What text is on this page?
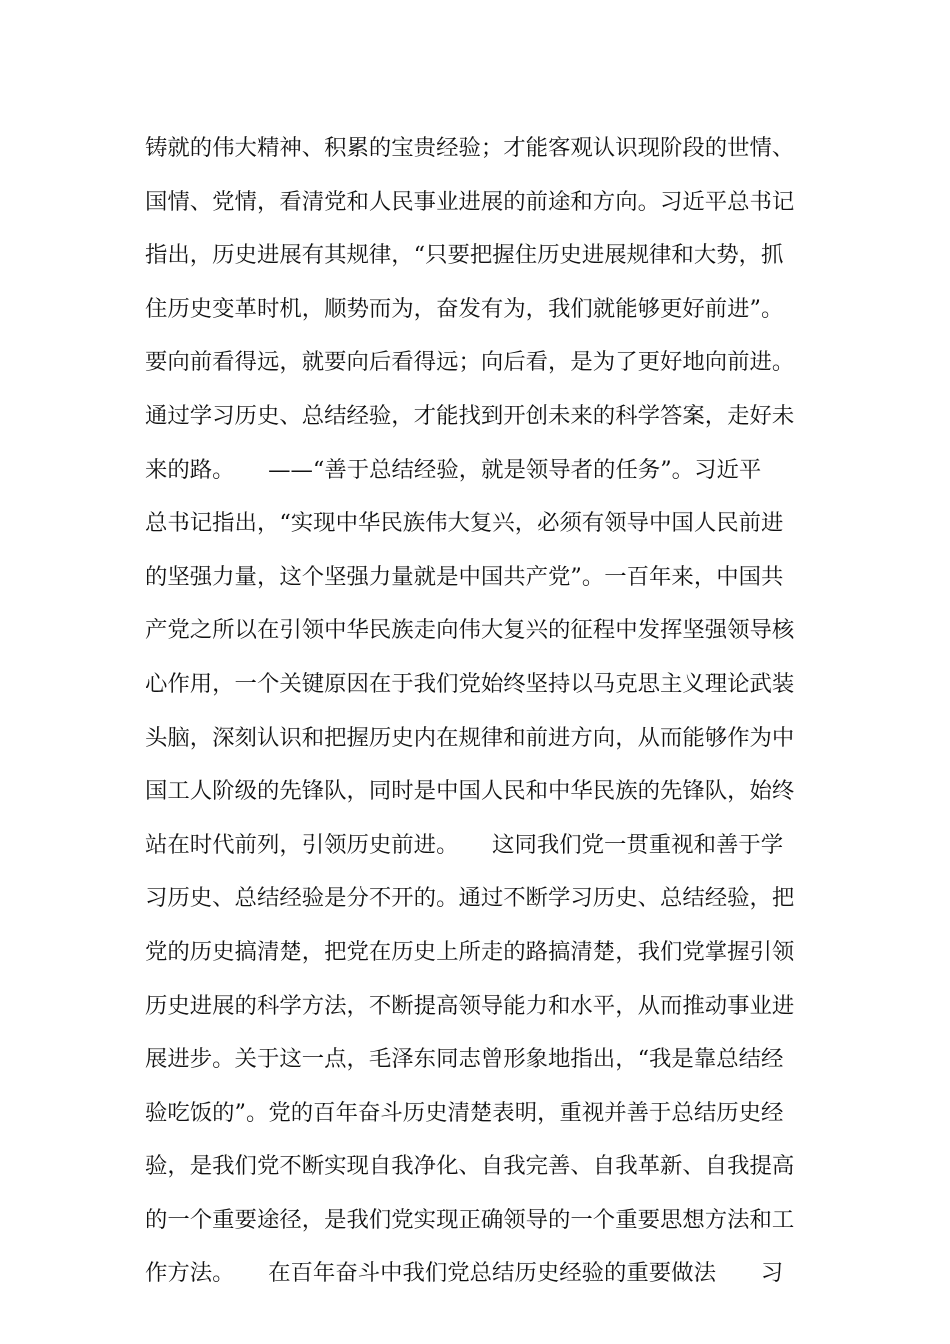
铸就的伟大精神、积累的宝贵经验；才能客观认识现阶段的世情、
国情、党情，看清党和人民事业进展的前途和方向。习近平总书记
指出，历史进展有其规律，“只要把握住历史进展规律和大势，抓
住历史变革时机，顺势而为，奋发有为，我们就能够更好前进”。
要向前看得远，就要向后看得远；向后看，是为了更好地向前进。
通过学习历史、总结经验，才能找到开创未来的科学答案，走好未
来的路。　　——“善于总结经验，就是领导者的任务”。习近平
总书记指出，“实现中华民族伟大复兴，必须有领导中国人民前进
的坚强力量，这个坚强力量就是中国共产党”。一百年来，中国共
产党之所以在引领中华民族走向伟大复兴的征程中发挥坚强领导核
心作用，一个关键原因在于我们党始终坚持以马克思主义理论武装
头脑，深刻认识和把握历史内在规律和前进方向，从而能够作为中
国工人阶级的先锋队，同时是中国人民和中华民族的先锋队，始终
站在时代前列，引领历史前进。　　这同我们党一贯重视和善于学
习历史、总结经验是分不开的。通过不断学习历史、总结经验，把
党的历史搞清楚，把党在历史上所走的路搞清楚，我们党掌握引领
历史进展的科学方法，不断提高领导能力和水平，从而推动事业进
展进步。关于这一点，毛泽东同志曾形象地指出，“我是靠总结经
验吃饭的”。党的百年奋斗历史清楚表明，重视并善于总结历史经
验，是我们党不断实现自我净化、自我完善、自我革新、自我提高
的一个重要途径，是我们党实现正确领导的一个重要思想方法和工
作方法。　　在百年奋斗中我们党总结历史经验的重要做法　　习
